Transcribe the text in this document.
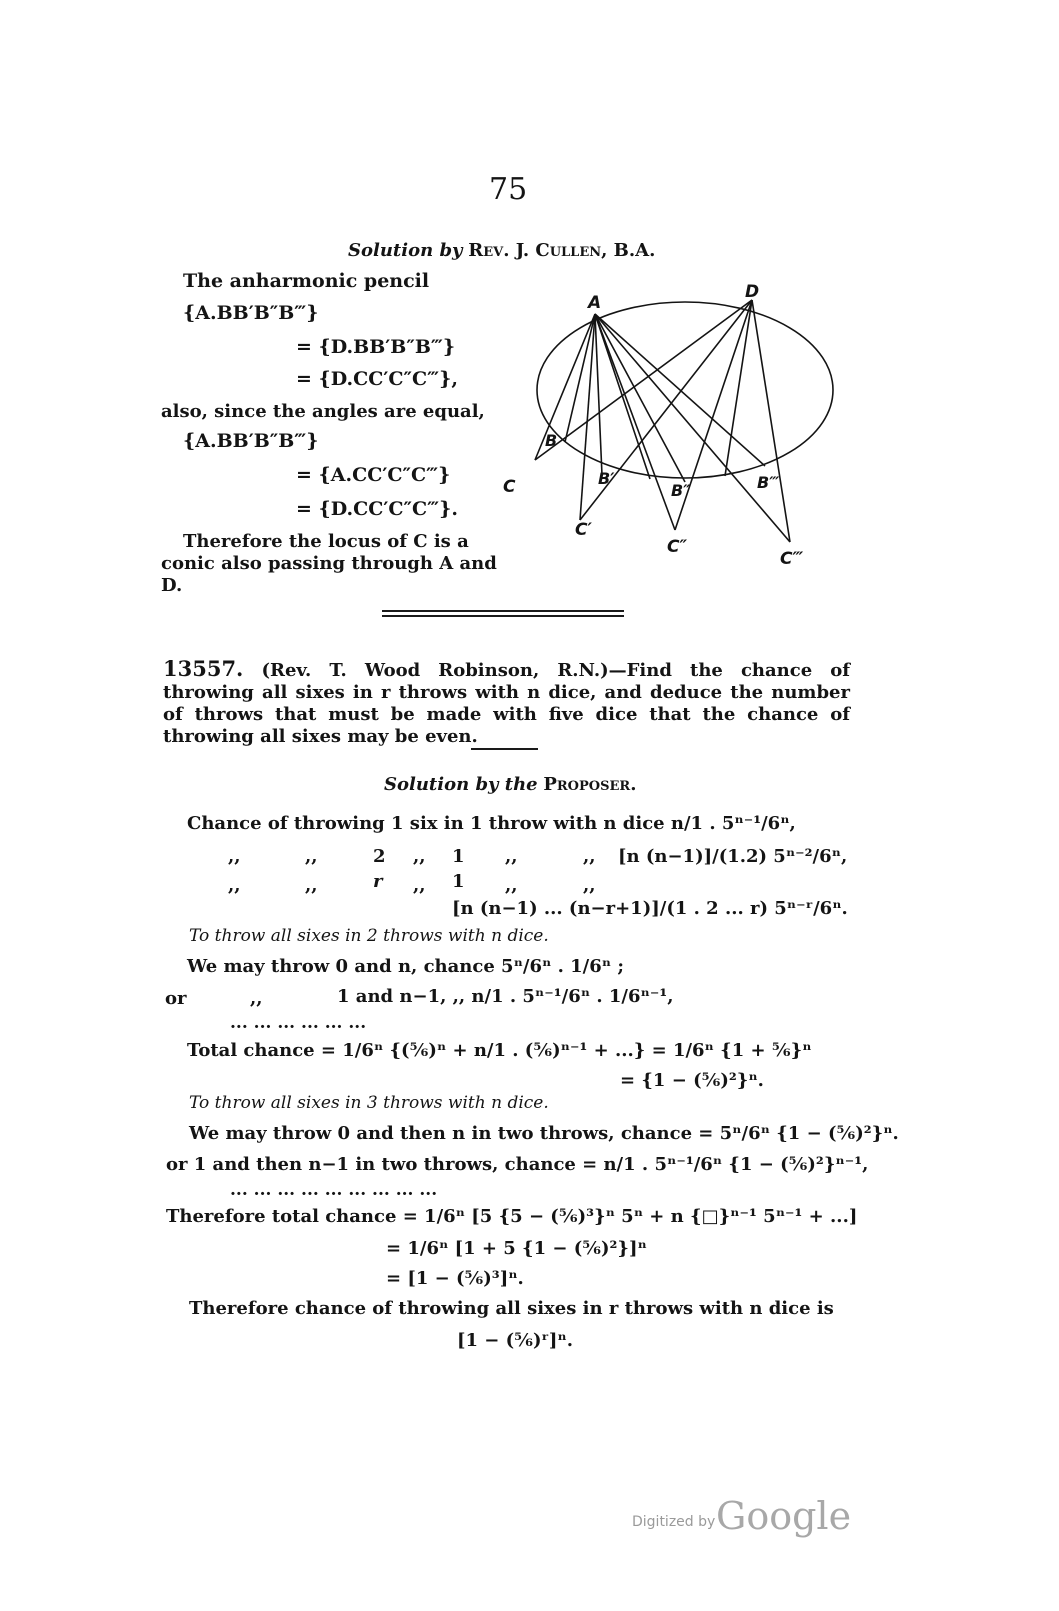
75
Solution by Rev. J. Cullen, B.A.
The anharmonic pencil
{A.BB′B″B‴}
= {D.BB′B″B‴}
= {D.CC′C″C‴},
also, since the angles are equal,
{A.BB′B″B‴}
= {A.CC′C″C‴}
= {D.CC′C″C‴}.
Therefore the locus of C is a
conic also passing through A and
D.
A
D
B
B′
B″	B‴
C
C′
C″
C‴
13557. (Rev. T. Wood Robinson, R.N.)—Find the chance of throwing all sixes in r throws with n dice, and deduce the number of throws that must be made with five dice that the chance of throwing all sixes may be even.
Solution by the Proposer.
Chance of throwing 1 six in 1 throw with n dice n/1 . 5ⁿ⁻¹/6ⁿ,
,,	,,	2 ,, 1 ,,	,, [n (n−1)]/(1.2) 5ⁿ⁻²/6ⁿ,
,,	,,	r ,, 1 ,,	,,
[n (n−1) ... (n−r+1)]/(1 . 2 ... r) 5ⁿ⁻ʳ/6ⁿ.
To throw all sixes in 2 throws with n dice.
We may throw 0 and n, chance 5ⁿ/6ⁿ . 1/6ⁿ ;
or	,,	1 and n−1, ,, n/1 . 5ⁿ⁻¹/6ⁿ . 1/6ⁿ⁻¹,
... ... ... ... ... ...
Total chance = 1/6ⁿ {(⁵⁄₆)ⁿ + n/1 . (⁵⁄₆)ⁿ⁻¹ + ...} = 1/6ⁿ {1 + ⁵⁄₆}ⁿ
= {1 − (⁵⁄₆)²}ⁿ.
To throw all sixes in 3 throws with n dice.
We may throw 0 and then n in two throws, chance = 5ⁿ/6ⁿ {1 − (⁵⁄₆)²}ⁿ.
or 1 and then n−1 in two throws, chance = n/1 . 5ⁿ⁻¹/6ⁿ {1 − (⁵⁄₆)²}ⁿ⁻¹,
... ... ... ... ... ... ... ... ...
Therefore total chance = 1/6ⁿ [5 {5 − (⁵⁄₆)³}ⁿ 5ⁿ + n {□}ⁿ⁻¹ 5ⁿ⁻¹ + ...]
= 1/6ⁿ [1 + 5 {1 − (⁵⁄₆)²}]ⁿ
= [1 − (⁵⁄₆)³]ⁿ.
Therefore chance of throwing all sixes in r throws with n dice is
[1 − (⁵⁄₆)ʳ]ⁿ.
Digitized by Google
